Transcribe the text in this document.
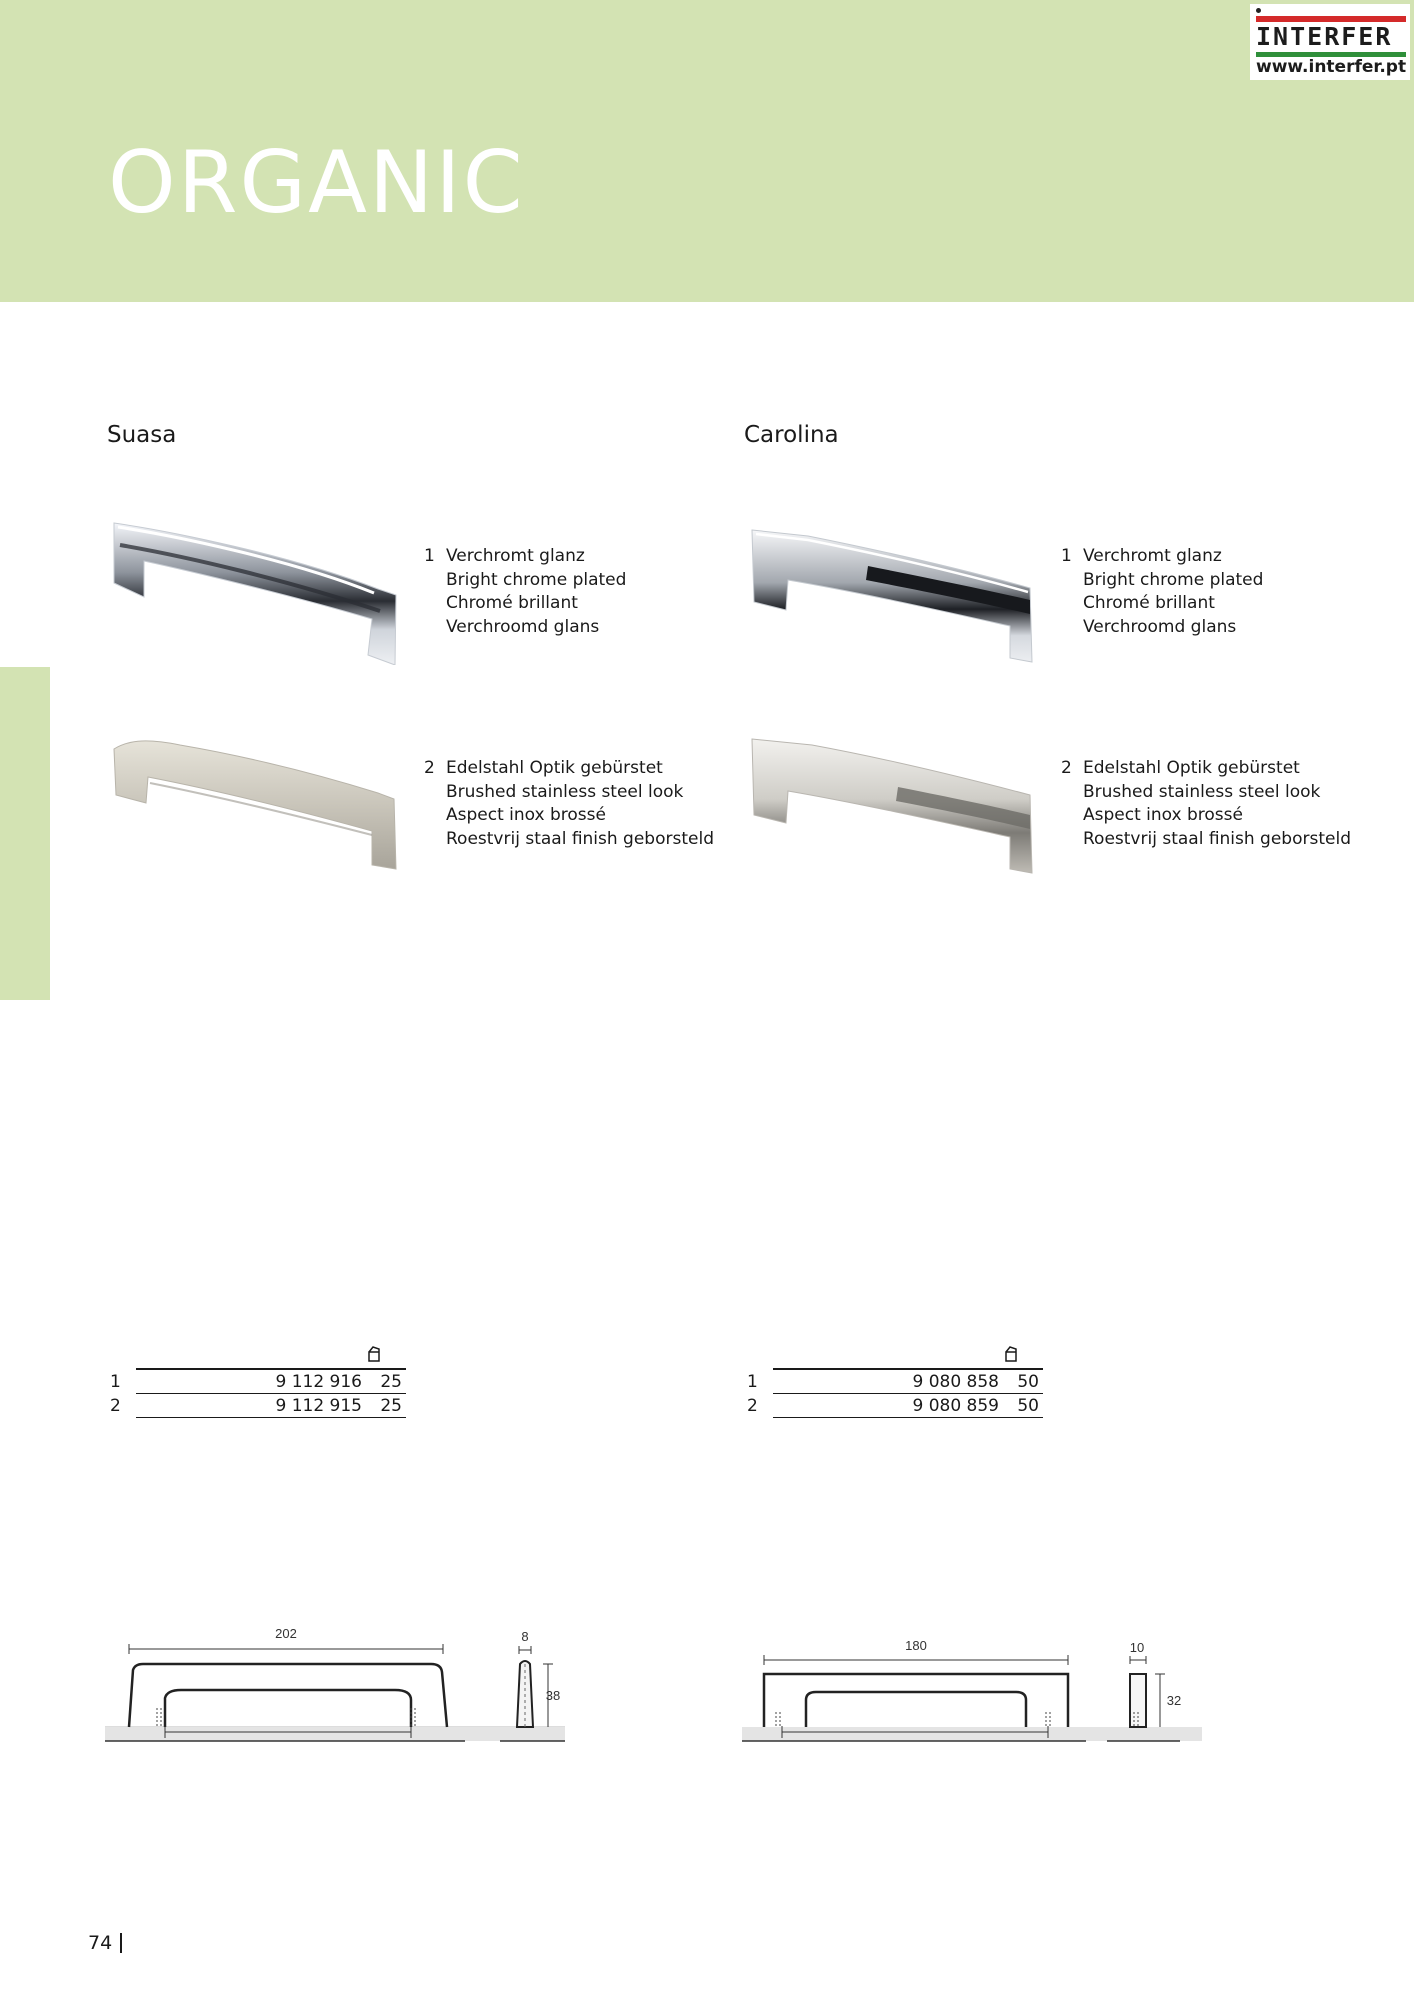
ORGANIC
INTERFER
www.interfer.pt
Suasa
1 Verchromt glanz
Bright chrome plated
Chromé brillant
Verchroomd glans
2 Edelstahl Optik gebürstet
Brushed stainless steel look
Aspect inox brossé
Roestvrij staal finish geborsteld
1	9 112 916 25
2	9 112 915 25
202	8
38
Carolina
1 Verchromt glanz
Bright chrome plated
Chromé brillant
Verchroomd glans
2 Edelstahl Optik gebürstet
Brushed stainless steel look
Aspect inox brossé
Roestvrij staal finish geborsteld
1	9 080 858 50
2	9 080 859 50
180	10
32
74
